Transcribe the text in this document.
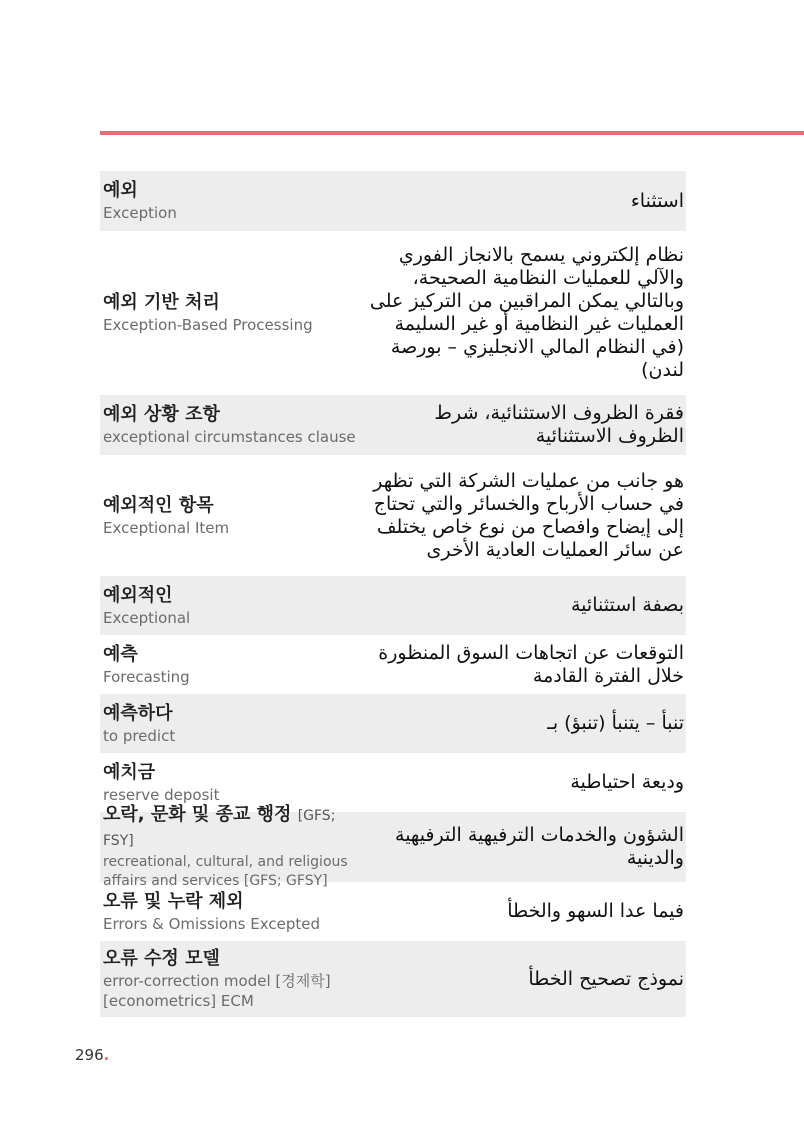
예외
Exception
استثناء
예외 기반 처리
Exception-Based Processing
نظام إلكتروني يسمح بالانجاز الفوري والآلي للعمليات النظامية الصحيحة، وبالتالي يمكن المراقبين من التركيز على العمليات غير النظامية أو غير السليمة (في النظام المالي الانجليزي – بورصة لندن)
예외 상황 조항
exceptional circumstances clause
فقرة الظروف الاستثنائية، شرط الظروف الاستثنائية
예외적인 항목
Exceptional Item
هو جانب من عمليات الشركة التي تظهر في حساب الأرباح والخسائر والتي تحتاج إلى إيضاح وافصاح من نوع خاص يختلف عن سائر العمليات العادية الأخرى
예외적인
Exceptional
بصفة استثنائية
예측
Forecasting
التوقعات عن اتجاهات السوق المنظورة خلال الفترة القادمة
예측하다
to predict
تنبأ – يتنبأ (تنبؤ) بـ
예치금
reserve deposit
وديعة احتياطية
오락, 문화 및 종교 행정 [GFS; FSY]
recreational, cultural, and religious affairs and services [GFS; GFSY]
الشؤون والخدمات الترفيهية الترفيهية والدينية
오류 및 누락 제외
Errors & Omissions Excepted
فيما عدا السهو والخطأ
오류 수정 모델
error-correction model [경제학] [econometrics] ECM
نموذج تصحيح الخطأ
296.
